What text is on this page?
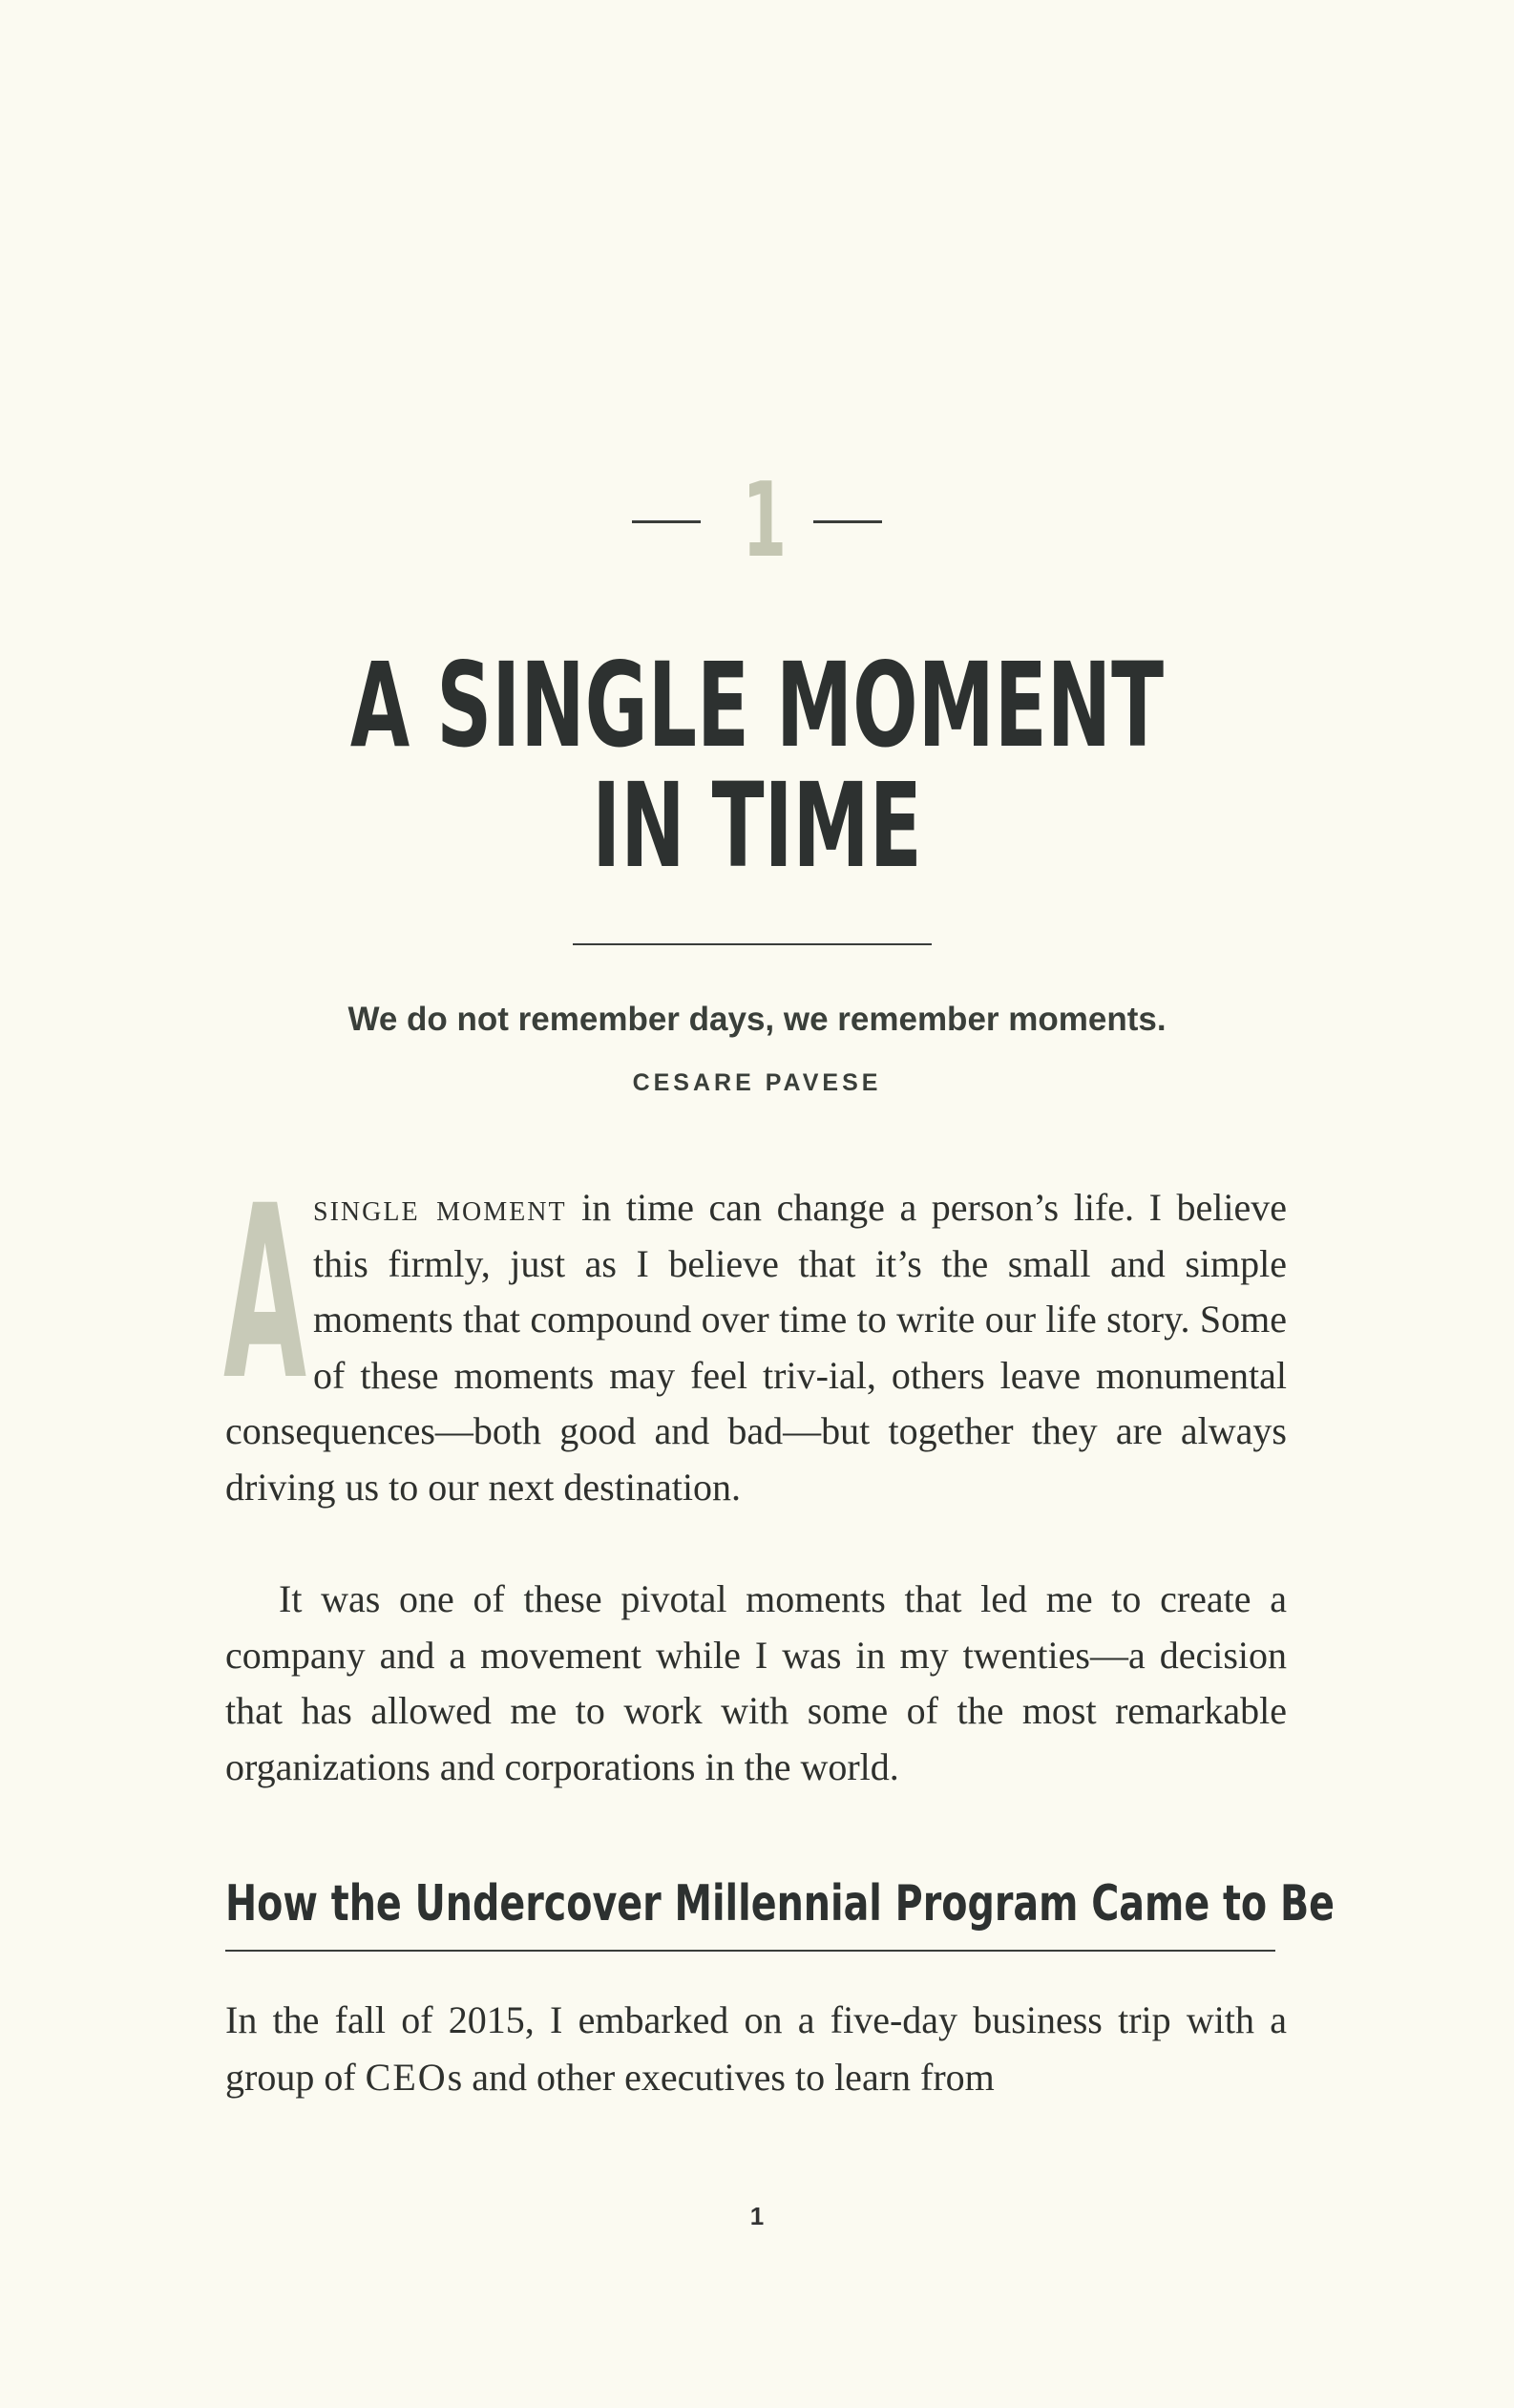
1
A SINGLE MOMENT
IN TIME
We do not remember days, we remember moments.
CESARE PAVESE
Asingle moment in time can change a person’s life. I believe this firmly, just as I believe that it’s the small and simple moments that compound over time to write our life story. Some of these moments may feel triv-ial, others leave monumental consequences—both good and bad—but together they are always driving us to our next destination.
It was one of these pivotal moments that led me to create a company and a movement while I was in my twenties—a decision that has allowed me to work with some of the most remarkable organizations and corporations in the world.
How the Undercover Millennial Program Came to Be
In the fall of 2015, I embarked on a five-day business trip with a group of CEOs and other executives to learn from
1
